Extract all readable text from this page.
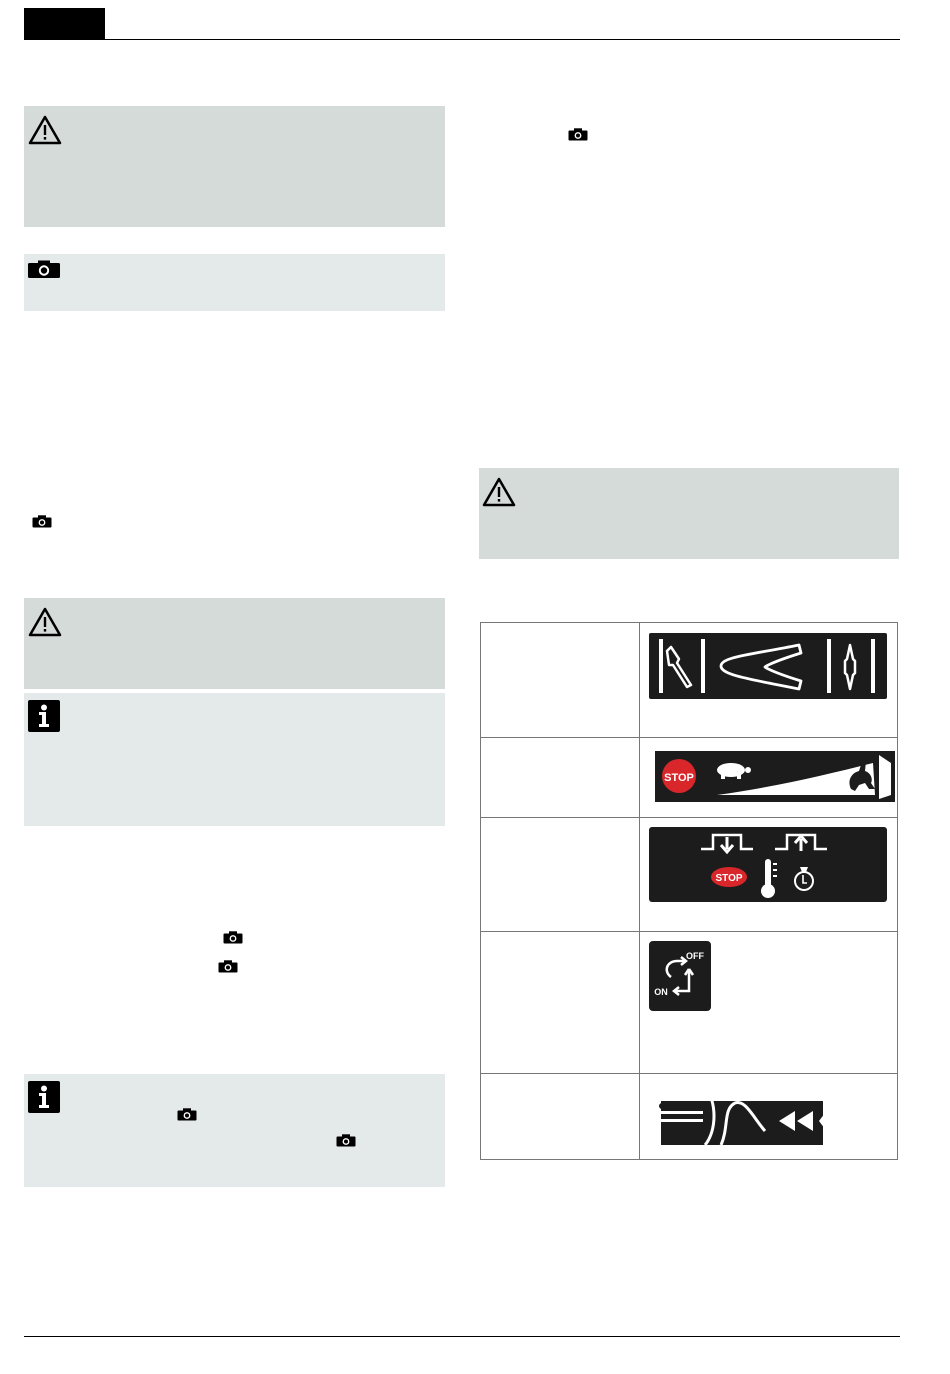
STOP
STOP
OFF
ON
